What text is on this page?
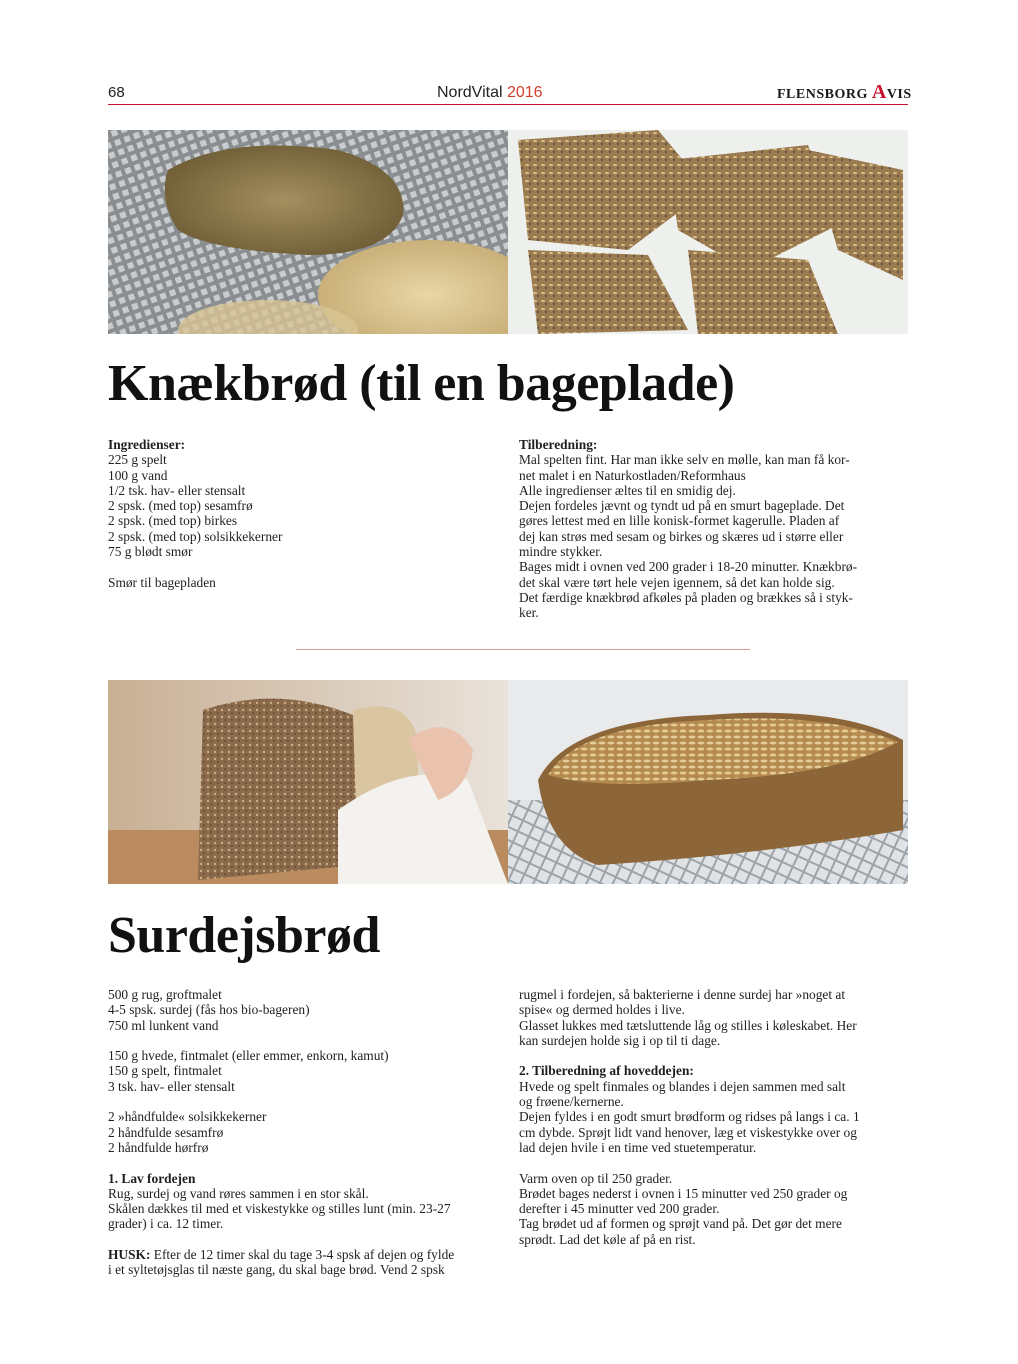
68	NordVital 2016	FLENSBORG AVIS
Knækbrød (til en bageplade)
Ingredienser:
225 g spelt
100 g vand
1/2 tsk. hav- eller stensalt
2 spsk. (med top) sesamfrø
2 spsk. (med top) birkes
2 spsk. (med top) solsikkekerner
75 g blødt smør
Smør til bagepladen
Tilberedning:
Mal spelten fint. Har man ikke selv en mølle, kan man få kor-
net malet i en Naturkostladen/Reformhaus
Alle ingredienser æltes til en smidig dej.
Dejen fordeles jævnt og tyndt ud på en smurt bageplade. Det
gøres lettest med en lille konisk-formet kagerulle. Pladen af
dej kan strøs med sesam og birkes og skæres ud i større eller
mindre stykker.
Bages midt i ovnen ved 200 grader i 18-20 minutter. Knækbrø-
det skal være tørt hele vejen igennem, så det kan holde sig.
Det færdige knækbrød afkøles på pladen og brækkes så i styk-
ker.
Surdejsbrød
500 g rug, groftmalet
4-5 spsk. surdej (fås hos bio-bageren)
750 ml lunkent vand
150 g hvede, fintmalet (eller emmer, enkorn, kamut)
150 g spelt, fintmalet
3 tsk. hav- eller stensalt
2 »håndfulde« solsikkekerner
2 håndfulde sesamfrø
2 håndfulde hørfrø
1. Lav fordejen
Rug, surdej og vand røres sammen i en stor skål.
Skålen dækkes til med et viskestykke og stilles lunt (min. 23-27
grader) i ca. 12 timer.
HUSK: Efter de 12 timer skal du tage 3-4 spsk af dejen og fylde
i et syltetøjsglas til næste gang, du skal bage brød. Vend 2 spsk
rugmel i fordejen, så bakterierne i denne surdej har »noget at
spise« og dermed holdes i live.
Glasset lukkes med tætsluttende låg og stilles i køleskabet. Her
kan surdejen holde sig i op til ti dage.
2. Tilberedning af hoveddejen:
Hvede og spelt finmales og blandes i dejen sammen med salt
og frøene/kernerne.
Dejen fyldes i en godt smurt brødform og ridses på langs i ca. 1
cm dybde. Sprøjt lidt vand henover, læg et viskestykke over og
lad dejen hvile i en time ved stuetemperatur.
Varm oven op til 250 grader.
Brødet bages nederst i ovnen i 15 minutter ved 250 grader og
derefter i 45 minutter ved 200 grader.
Tag brødet ud af formen og sprøjt vand på. Det gør det mere
sprødt. Lad det køle af på en rist.
